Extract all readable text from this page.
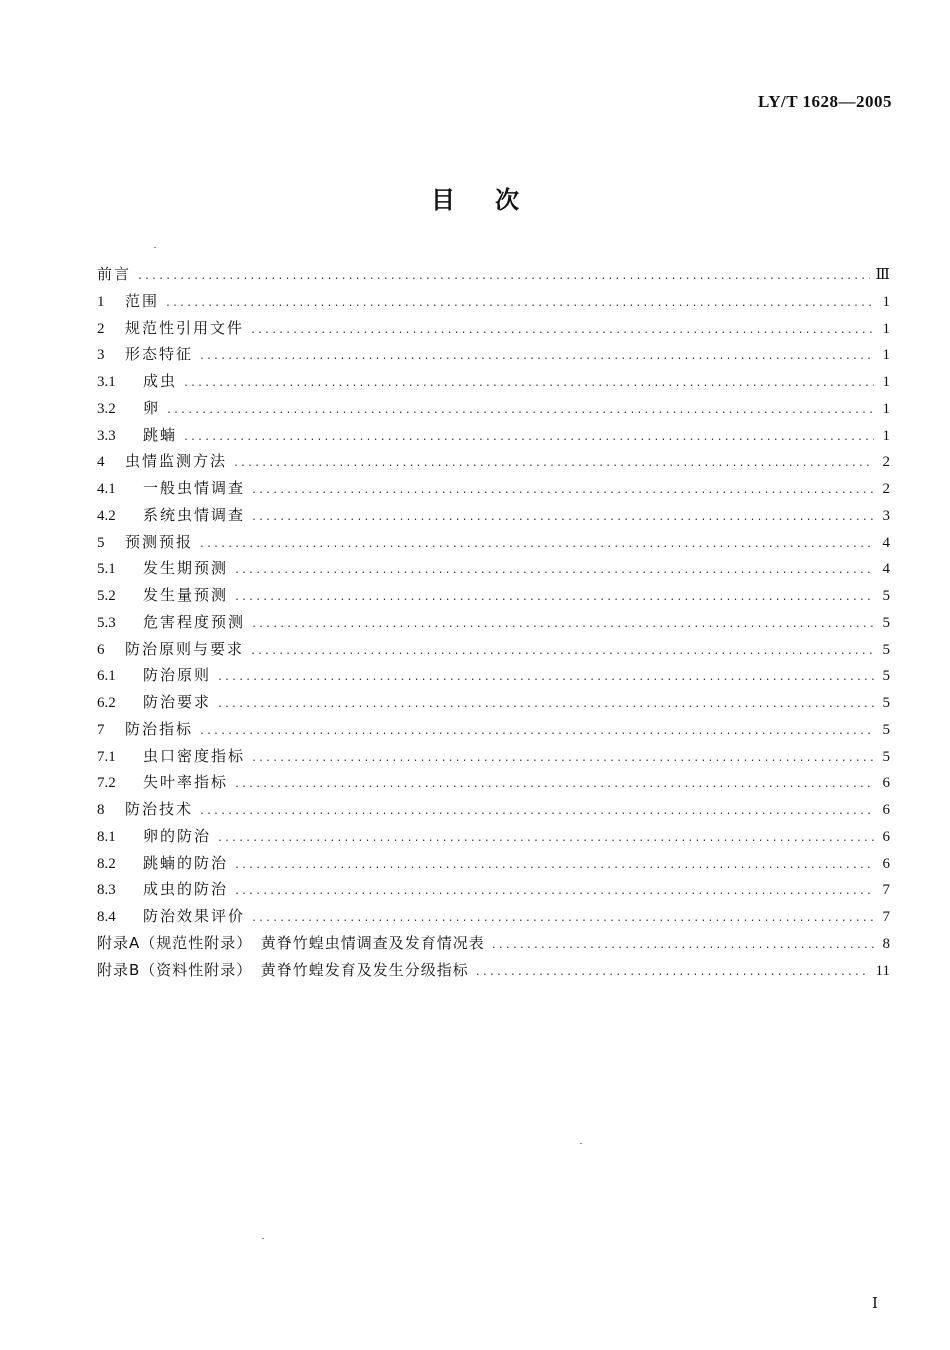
LY/T 1628—2005
目次
前言 .....	Ⅲ
1	范围 .....	1
2	规范性引用文件 .....	1
3	形态特征 .....	1
3.1	成虫 .....	1
3.2	卵 .....	1
3.3	跳蝻 .....	1
4	虫情监测方法 .....	2
4.1	一般虫情调查 .....	2
4.2	系统虫情调查 .....	3
5	预测预报 .....	4
5.1	发生期预测 .....	4
5.2	发生量预测 .....	5
5.3	危害程度预测 .....	5
6	防治原则与要求 .....	5
6.1	防治原则 .....	5
6.2	防治要求 .....	5
7	防治指标 .....	5
7.1	虫口密度指标 .....	5
7.2	失叶率指标 .....	6
8	防治技术 .....	6
8.1	卵的防治 .....	6
8.2	跳蝻的防治 .....	6
8.3	成虫的防治 .....	7
8.4	防治效果评价 .....	7
附录A（规范性附录）　黄脊竹蝗虫情调查及发育情况表 .....	8
附录B（资料性附录）　黄脊竹蝗发育及发生分级指标 .....	11
Ⅰ
